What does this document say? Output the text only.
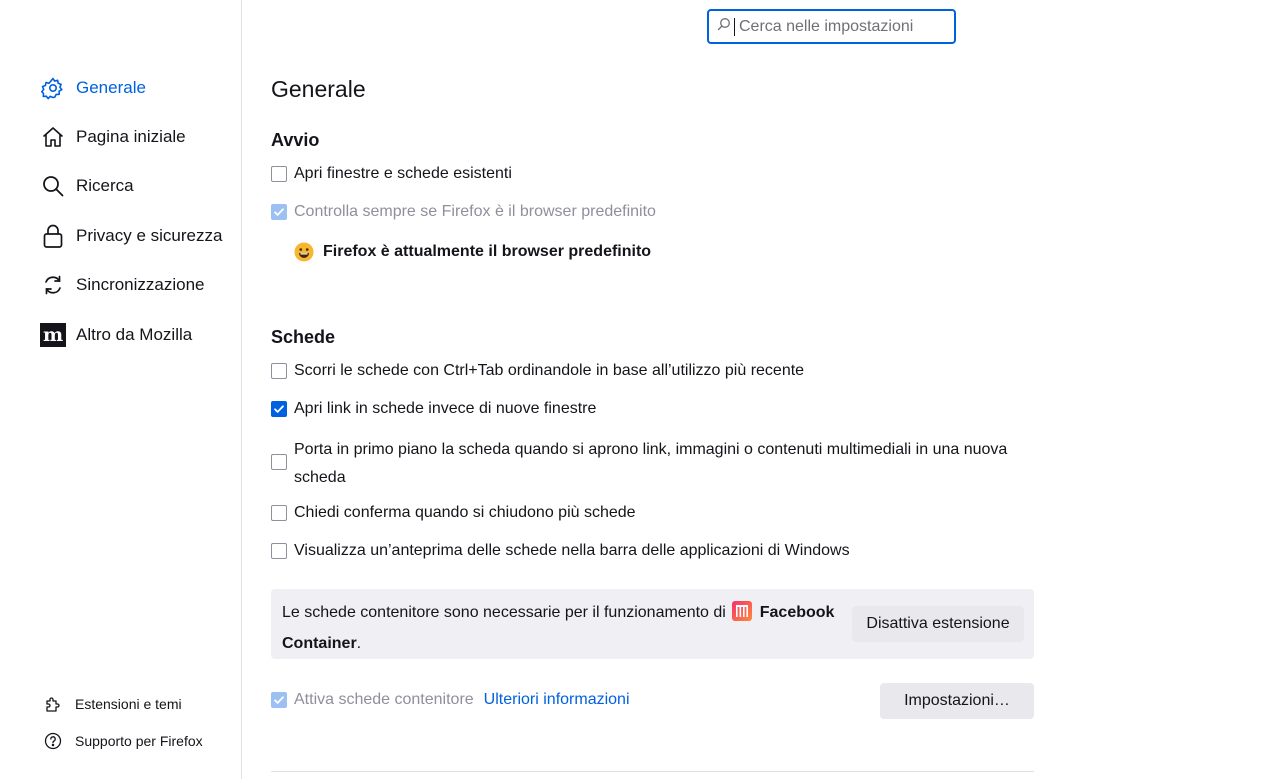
Generale
Pagina iniziale
Ricerca
Privacy e sicurezza
Sincronizzazione
m Altro da Mozilla
Estensioni e temi
Supporto per Firefox
Cerca nelle impostazioni
Generale
Avvio
Apri finestre e schede esistenti
Controlla sempre se Firefox è il browser predefinito
Firefox è attualmente il browser predefinito
Schede
Scorri le schede con Ctrl+Tab ordinandole in base all’utilizzo più recente
Apri link in schede invece di nuove finestre
Porta in primo piano la scheda quando si aprono link, immagini o contenuti multimediali in una nuova scheda
Chiedi conferma quando si chiudono più schede
Visualizza un’anteprima delle schede nella barra delle applicazioni di Windows
Le schede contenitore sono necessarie per il funzionamento di Facebook Container.
Disattiva estensione
Attiva schede contenitore Ulteriori informazioni	Impostazioni…
